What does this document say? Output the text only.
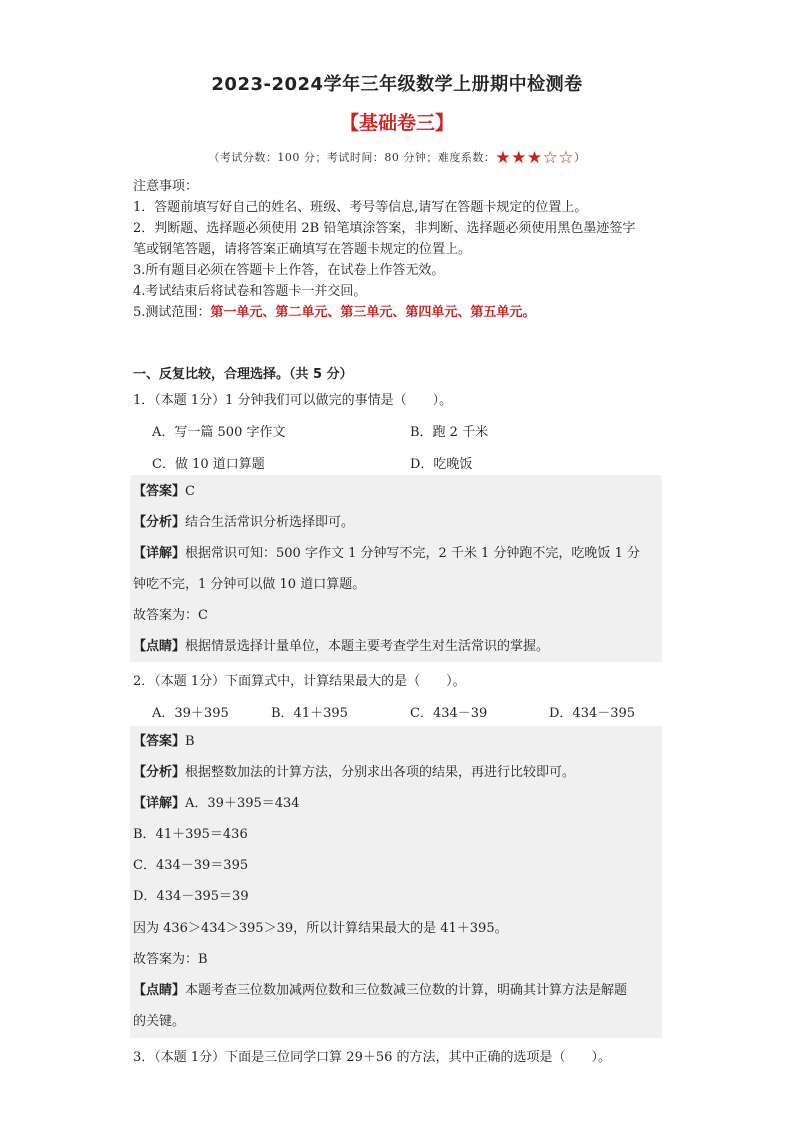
2023-2024学年三年级数学上册期中检测卷
【基础卷三】
（考试分数：100 分；考试时间：80 分钟；难度系数：★★★☆☆）

注意事项：

1．答题前填写好自己的姓名、班级、考号等信息,请写在答题卡规定的位置上。

2．判断题、选择题必须使用 2B 铅笔填涂答案，非判断、选择题必须使用黑色墨迹签字

笔或钢笔答题，请将答案正确填写在答题卡规定的位置上。

3.所有题目必须在答题卡上作答，在试卷上作答无效。

4.考试结束后将试卷和答题卡一并交回。

5.测试范围：第一单元、第二单元、第三单元、第四单元、第五单元。

一、反复比较，合理选择。（共 5 分）
1．（本题 1分）1 分钟我们可以做完的事情是（　　）。
A．写一篇 500 字作文	B．跑 2 千米
C．做 10 道口算题	D．吃晚饭
【答案】C
【分析】结合生活常识分析选择即可。
【详解】根据常识可知：500 字作文 1 分钟写不完，2 千米 1 分钟跑不完，吃晚饭 1 分
钟吃不完，1 分钟可以做 10 道口算题。
故答案为：C
【点睛】根据情景选择计量单位，本题主要考查学生对生活常识的掌握。
2．（本题 1分）下面算式中，计算结果最大的是（　　）。
A．39＋395	B．41＋395	C．434－39	D．434－395
【答案】B
【分析】根据整数加法的计算方法，分别求出各项的结果，再进行比较即可。
【详解】A．39＋395＝434
B．41＋395＝436
C．434－39＝395
D．434－395＝39
因为 436＞434＞395＞39，所以计算结果最大的是 41＋395。
故答案为：B
【点睛】本题考查三位数加减两位数和三位数减三位数的计算，明确其计算方法是解题
的关键。
3．（本题 1分）下面是三位同学口算 29＋56 的方法，其中正确的选项是（　　）。
